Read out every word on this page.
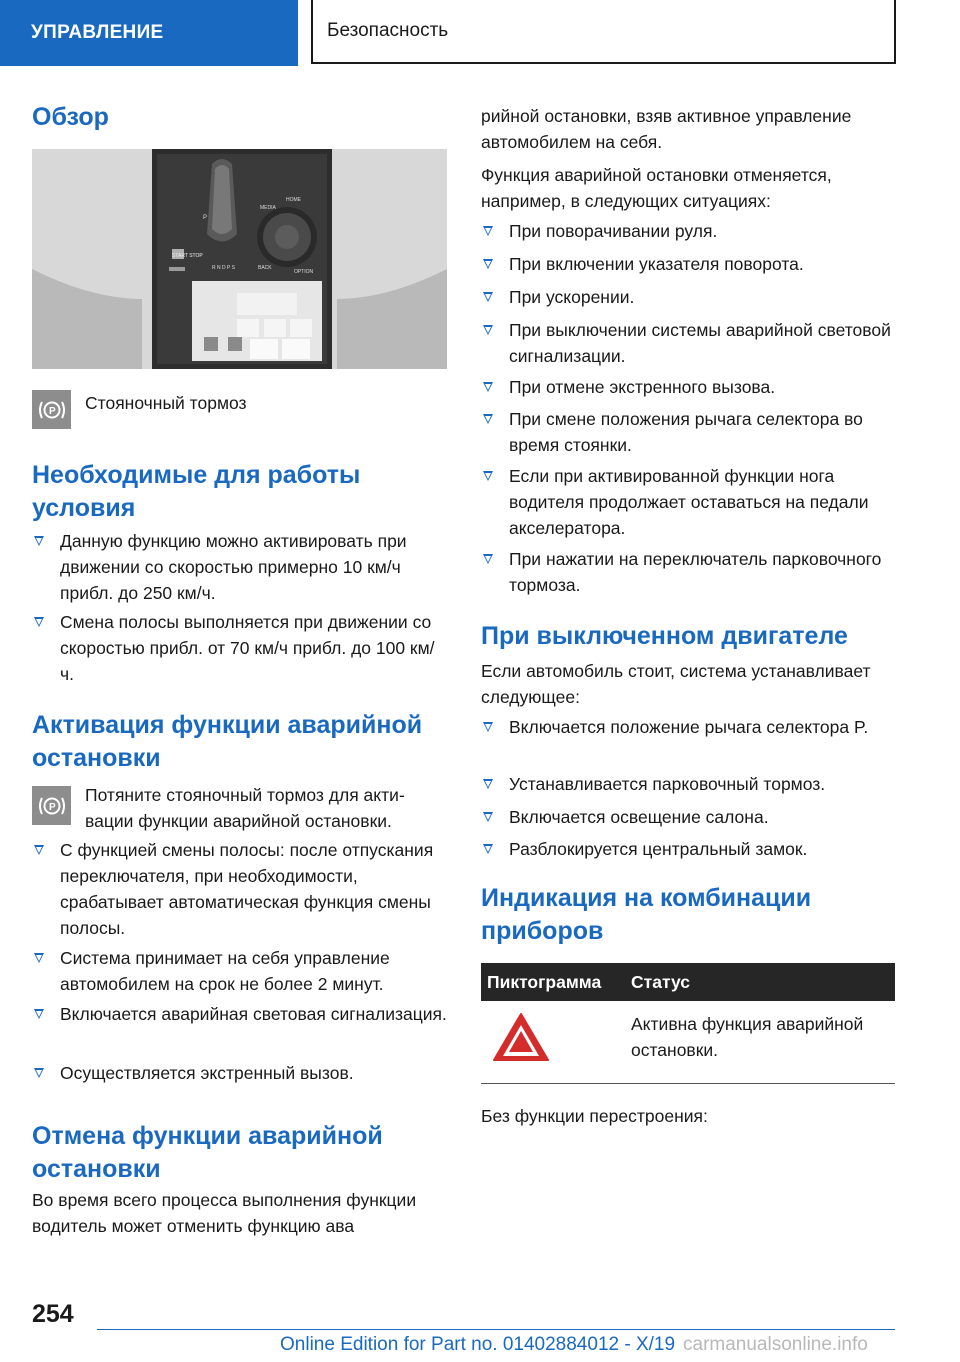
УПРАВЛЕНИЕ	Безопасность
Обзор
P
START STOP
MEDIA
HOME
BACK
OPTION
R N D P S
P Стояночный тормоз
Необходимые для работы условия
Данную функцию можно активировать при движении со скоростью примерно 10 км/ч прибл. до 250 км/ч.
Смена полосы выполняется при движении со скоростью прибл. от 70 км/ч прибл. до 100 км/ч.
Активация функции аварийной остановки
P
Потяните стояночный тормоз для активации функции аварийной остановки.
С функцией смены полосы: после отпускания переключателя, при необходимости, срабатывает автоматическая функция смены полосы.
Система принимает на себя управление автомобилем на срок не более 2 минут.
Включается аварийная световая сигнализация.
Осуществляется экстренный вызов.
Отмена функции аварийной остановки

Во время всего процесса выполнения функции водитель может отменить функцию ава

рийной остановки, взяв активное управление автомобилем на себя.

Функция аварийной остановки отменяется, например, в следующих ситуациях:

При поворачивании руля.
При включении указателя поворота.
При ускорении.
При выключении системы аварийной световой сигнализации.
При отмене экстренного вызова.
При смене положения рычага селектора во время стоянки.
Если при активированной функции нога водителя продолжает оставаться на педали акселератора.
При нажатии на переключатель парковочного тормоза.
При выключенном двигателе

Если автомобиль стоит, система устанавливает следующее:

Включается положение рычага селектора P.
Устанавливается парковочный тормоз.
Включается освещение салона.
Разблокируется центральный замок.
Индикация на комбинации приборов
Пиктограмма	Статус
	Активна функция аварийной остановки.

Без функции перестроения:

254
Online Edition for Part no. 01402884012 - X/19 carmanualsonline.info
